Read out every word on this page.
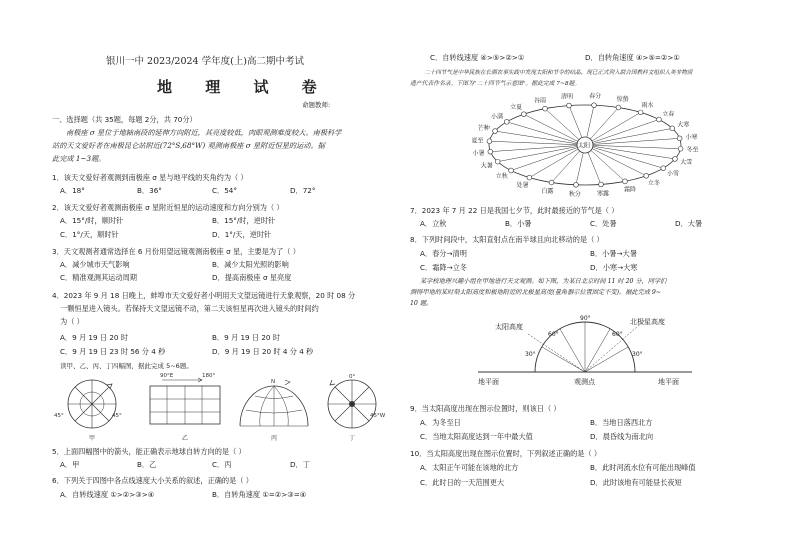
银川一中 2023/2024 学年度(上)高二期中考试
地 理 试 卷
命题教师:
一、选择题（共 35题，每题 2分，共 70分）
南极座 σ 星位于地轴南段的延伸方向附近，其亮度较低，肉眼观测难度较大。南极科学
站的天文爱好者在南极昆仑站附近(72°S,68°W) 观测南极座 σ 星附近恒星的运动。据
此完成 1~3题。
1．该天文爱好者观测到南极座 σ 星与地平线的夹角约为（ ）
A．18°	B．36°	C．54°	D．72°
2．该天文爱好者观测南极座 σ 星附近恒星的运动速度和方向分别为（ ）
A．15°/时，顺时针	B．15°/时，逆时针
C．1°/天，顺时针	D．1°/天，逆时针
3．天文观测者通常选择在 6 月份用望远镜观测南极座 σ 星，主要是为了（ ）
A．减少城市天气影响	B．减少太阳光照的影响
C．精准观测其运动周期	D．提高南极座 σ 星亮度
4．2023 年 9 月 18 日晚上，蚌埠市天文爱好者小明用天文望远镜进行天象观察，20 时 08 分
一颗恒星进入镜头。若保持天文望远镜不动，第二天该恒星再次进入镜头的时间约
为（ ）
A．9 月 19 日 20 时	B．9 月 19 日 20 时
C．9 月 19 日 23 时 56 分 4 秒	D．9 月 19 日 20 时 4 分 4 秒
读甲、乙、丙、丁四幅图，据此完成 5~6题。
45°	45°
甲
90°E	180°
乙
N
丙
0°
45°W
丁
5．上面四幅图中的箭头，能正确表示地球自转方向的是（ ）
A．甲	B．乙	C．丙	D．丁
6．下列关于四图中各点线速度大小关系的叙述，正确的是（ ）
A．自转线速度 ①>②>③>④	B．自转角速度 ①=②>③=④
C．自转线速度 ④>⑤>②>①	D．自转角速度 ④>⑤=②>①
二十四节气是中华民族在长期农事实践中发现太阳和节令的结晶。现已正式列入联合国教科文组织人类非物质
遗产代表作名录。下图为"二十四节气示意图"。据此完成 7~8题。
太阳
立夏
谷雨
清明	春分	惊蛰
雨水
立春
大寒
小寒
冬至
大雪
小雪
立冬
霜降
寒露
秋分
白露
处暑
立秋
大暑
小暑
夏至
芒种
小满
7．2023 年 7 月 22 日是我国七夕节，此时最接近的节气是（ ）
A．立秋	B．小暑	C．处暑	D．大暑
8．下列时间段中，太阳直射点在南半球且向北移动的是（ ）
A．春分→清明	B．小暑→大暑
C．霜降→立冬	D．小寒→大寒
某学校地理兴趣小组在甲地进行天文观测。如下图，为某日北京时间 11 时 20 分，同学们
测得甲地的某时刻太阳高度和极地附近的北极星高度(量角器示位置固定不变)。据此完成 9~
10 题。
太阳高度
北极星高度
30°
60°
90°
60°
30°
地平面	地平面
观测点
9．当太阳高度出现在图示位置时，则该日（ ）
A．为冬至日	B．当地日落西北方
C．当地太阳高度达到一年中最大值	D．晨昏线为南北向
10．当太阳高度出现在图示位置时，下列叙述正确的是（ ）
A．太阳正午可能在该地的北方	B．此时河流水位有可能出现峰值
C．此时日的一天范围更大	D．此时该地有可能昼长夜短
